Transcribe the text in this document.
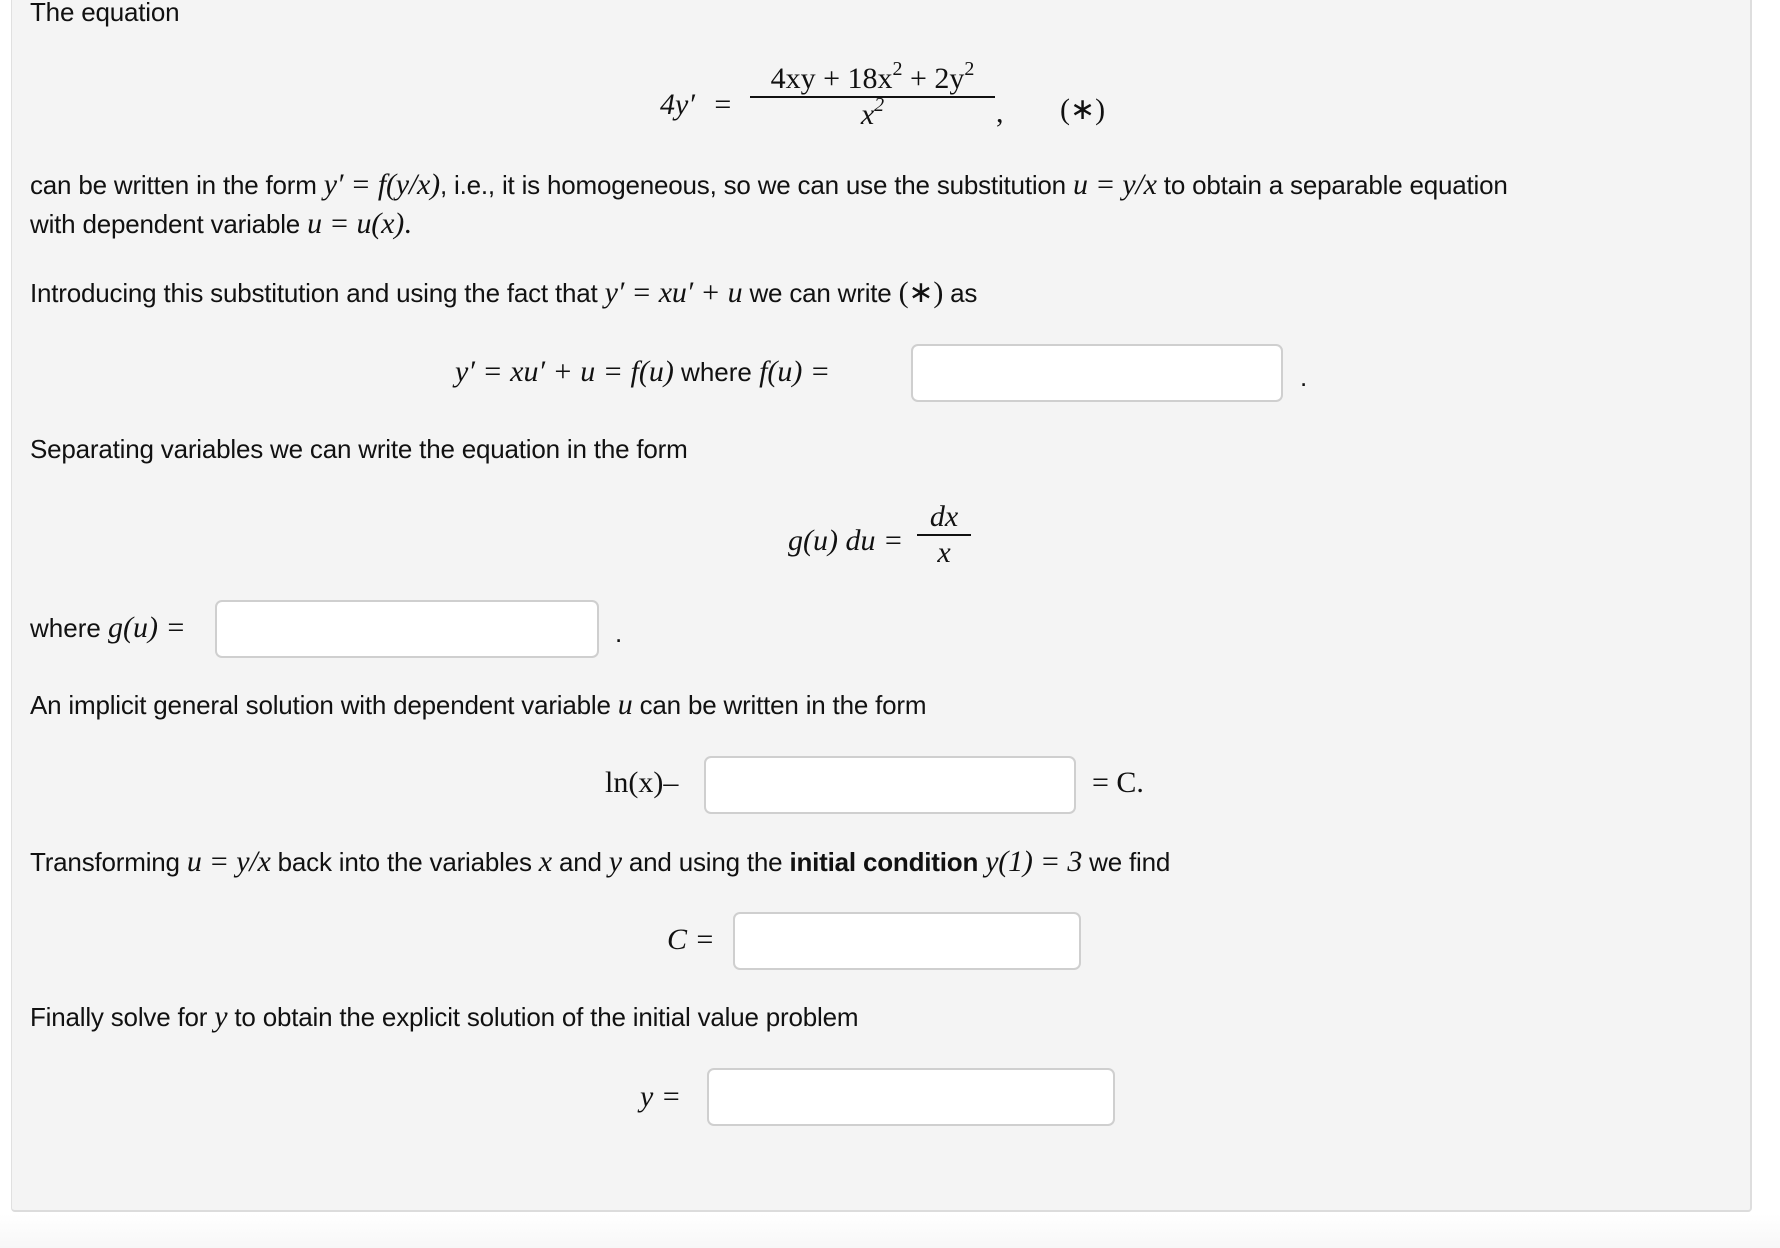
The equation
4y′ =
$4xy + 18x^2 + 2y^2$
$x^2$	, (∗)
can be written in the form y′ = f(y/x), i.e., it is homogeneous, so we can use the substitution u = y/x to obtain a separable equation
with dependent variable u = u(x).
Introducing this substitution and using the fact that y′ = xu′ + u we can write (∗) as
y′ = xu′ + u = f(u) where f(u) =	.
Separating variables we can write the equation in the form
g(u) du =
dx
x
where g(u) =	.
An implicit general solution with dependent variable u can be written in the form
ln(x)–	= C.
Transforming u = y/x back into the variables x and y and using the initial condition y(1) = 3 we find
C =
Finally solve for y to obtain the explicit solution of the initial value problem
y =
